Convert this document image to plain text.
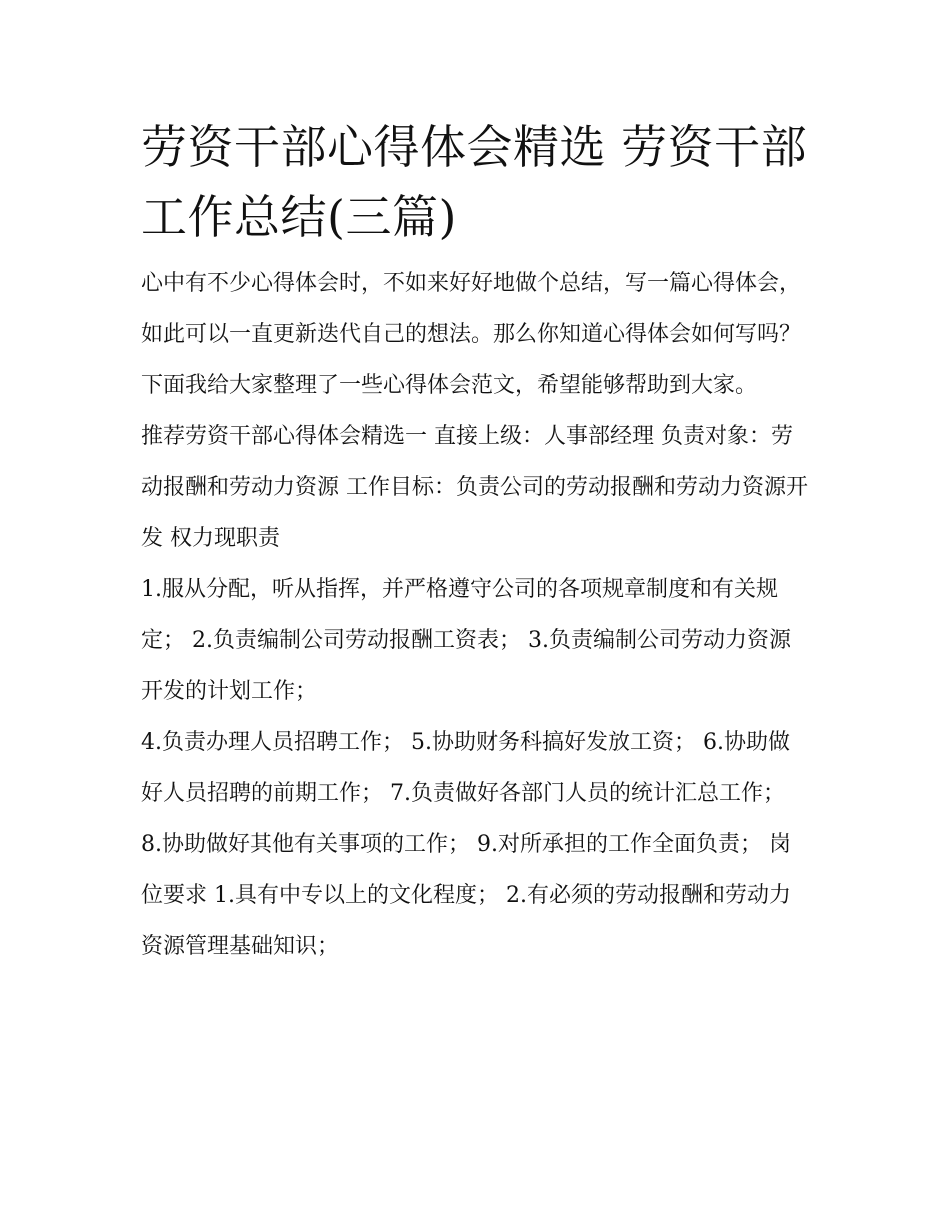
劳资干部心得体会精选 劳资干部工作总结(三篇)

心中有不少心得体会时，不如来好好地做个总结，写一篇心得体会，如此可以一直更新迭代自己的想法。那么你知道心得体会如何写吗？下面我给大家整理了一些心得体会范文，希望能够帮助到大家。

推荐劳资干部心得体会精选一 直接上级：人事部经理 负责对象：劳动报酬和劳动力资源 工作目标：负责公司的劳动报酬和劳动力资源开发 权力现职责

1.服从分配，听从指挥，并严格遵守公司的各项规章制度和有关规定； 2.负责编制公司劳动报酬工资表； 3.负责编制公司劳动力资源开发的计划工作；

4.负责办理人员招聘工作； 5.协助财务科搞好发放工资； 6.协助做好人员招聘的前期工作； 7.负责做好各部门人员的统计汇总工作；

8.协助做好其他有关事项的工作； 9.对所承担的工作全面负责； 岗位要求 1.具有中专以上的文化程度； 2.有必须的劳动报酬和劳动力资源管理基础知识；
